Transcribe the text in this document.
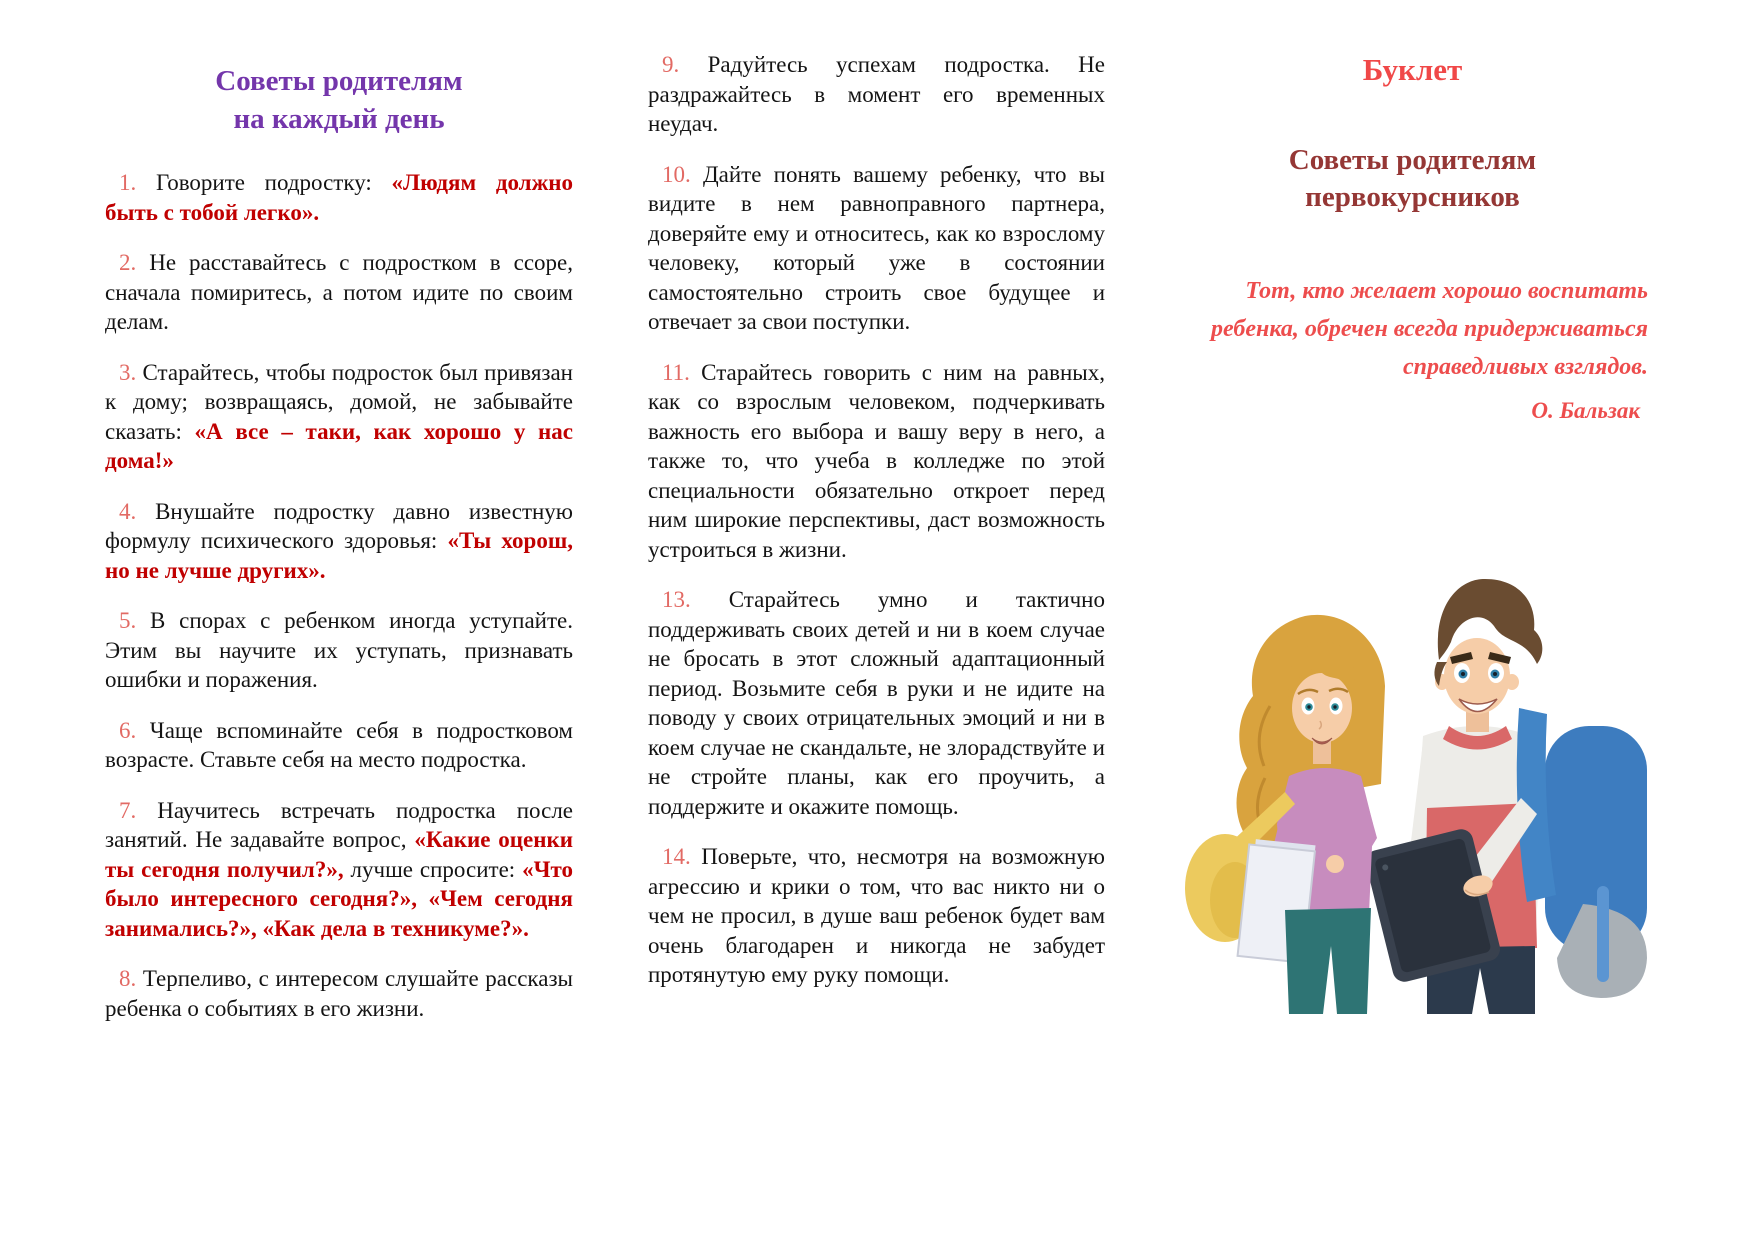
Советы родителям
на каждый день

1. Говорите подростку: «Людям должно быть с тобой легко».

2. Не расставайтесь с подростком в ссоре, сначала помиритесь, а потом идите по своим делам.

3. Старайтесь, чтобы подросток был привязан к дому; возвращаясь, домой, не забывайте сказать: «А все – таки, как хорошо у нас дома!»

4. Внушайте подростку давно известную формулу психического здоровья: «Ты хорош, но не лучше других».

5. В спорах с ребенком иногда уступайте. Этим вы научите их уступать, признавать ошибки и поражения.

6. Чаще вспоминайте себя в подростковом возрасте. Ставьте себя на место подростка.

7. Научитесь встречать подростка после занятий. Не задавайте вопрос, «Какие оценки ты сегодня получил?», лучше спросите: «Что было интересного сегодня?», «Чем сегодня занимались?», «Как дела в техникуме?».

8. Терпеливо, с интересом слушайте рассказы ребенка о событиях в его жизни.

9. Радуйтесь успехам подростка. Не раздражайтесь в момент его временных неудач.

10. Дайте понять вашему ребенку, что вы видите в нем равноправного партнера, доверяйте ему и относитесь, как ко взрослому человеку, который уже в состоянии самостоятельно строить свое будущее и отвечает за свои поступки.

11. Старайтесь говорить с ним на равных, как со взрослым человеком, подчеркивать важность его выбора и вашу веру в него, а также то, что учеба в колледже по этой специальности обязательно откроет перед ним широкие перспективы, даст возможность устроиться в жизни.

13. Старайтесь умно и тактично поддерживать своих детей и ни в коем случае не бросать в этот сложный адаптационный период. Возьмите себя в руки и не идите на поводу у своих отрицательных эмоций и ни в коем случае не скандальте, не злорадствуйте и не стройте планы, как его проучить, а поддержите и окажите помощь.

14. Поверьте, что, несмотря на возможную агрессию и крики о том, что вас никто ни о чем не просил, в душе ваш ребенок будет вам очень благодарен и никогда не забудет протянутую ему руку помощи.

Буклет

Советы родителям
первокурсников
Тот, кто желает хорошо воспитать
ребенка, обречен всегда придерживаться
справедливых взглядов.

О. Бальзак
